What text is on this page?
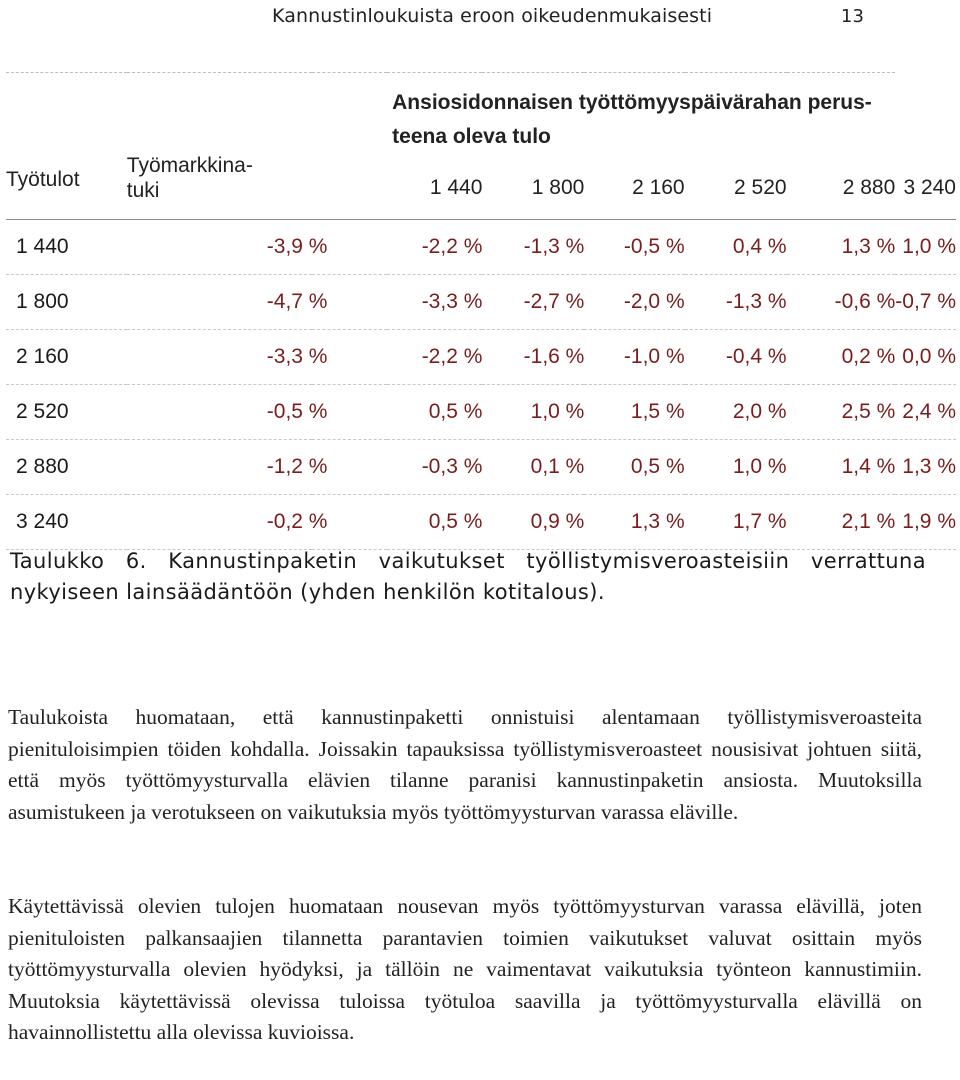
Kannustinloukuista eroon oikeudenmukaisesti	13
Työtulot	Työmarkkina-
tuki		Ansiosidonnaisen työttömyyspäivärahan perus-
teena oleva tulo					
			1 440	1 800	2 160	2 520	2 880	3 240
1 440	-3,9 %		-2,2 %	-1,3 %	-0,5 %	0,4 %	1,3 %	1,0 %
1 800	-4,7 %		-3,3 %	-2,7 %	-2,0 %	-1,3 %	-0,6 %	-0,7 %
2 160	-3,3 %		-2,2 %	-1,6 %	-1,0 %	-0,4 %	0,2 %	0,0 %
2 520	-0,5 %		0,5 %	1,0 %	1,5 %	2,0 %	2,5 %	2,4 %
2 880	-1,2 %		-0,3 %	0,1 %	0,5 %	1,0 %	1,4 %	1,3 %
3 240	-0,2 %		0,5 %	0,9 %	1,3 %	1,7 %	2,1 %	1,9 %
Taulukko 6. Kannustinpaketin vaikutukset työllistymisveroasteisiin verrattuna nykyiseen lainsäädäntöön (yhden henkilön kotitalous).
Taulukoista huomataan, että kannustinpaketti onnistuisi alentamaan työllistymisveroasteita pienituloisimpien töiden kohdalla. Joissakin tapauksissa työllistymisveroasteet nousisivat johtuen siitä, että myös työttömyysturvalla elävien tilanne paranisi kannustinpaketin ansiosta. Muutoksilla asumistukeen ja verotukseen on vaikutuksia myös työttömyysturvan varassa eläville.
Käytettävissä olevien tulojen huomataan nousevan myös työttömyysturvan varassa elävillä, joten pienituloisten palkansaajien tilannetta parantavien toimien vaikutukset valuvat osittain myös työttömyysturvalla olevien hyödyksi, ja tällöin ne vaimentavat vaikutuksia työnteon kannustimiin. Muutoksia käytettävissä olevissa tuloissa työtuloa saavilla ja työttömyysturvalla elävillä on havainnollistettu alla olevissa kuvioissa.
